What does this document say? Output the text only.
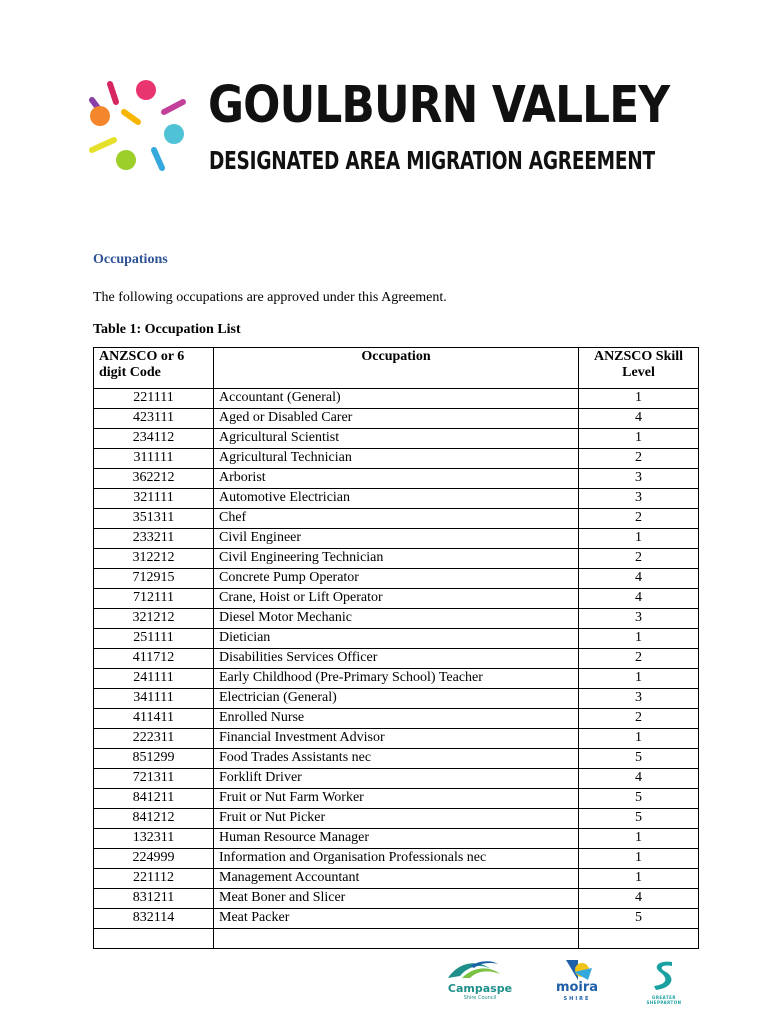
GOULBURN VALLEY
DESIGNATED AREA MIGRATION AGREEMENT
Occupations
The following occupations are approved under this Agreement.
Table 1: Occupation List
ANZSCO or 6 digit Code	Occupation	ANZSCO Skill Level
221111	Accountant (General)	1
423111	Aged or Disabled Carer	4
234112	Agricultural Scientist	1
311111	Agricultural Technician	2
362212	Arborist	3
321111	Automotive Electrician	3
351311	Chef	2
233211	Civil Engineer	1
312212	Civil Engineering Technician	2
712915	Concrete Pump Operator	4
712111	Crane, Hoist or Lift Operator	4
321212	Diesel Motor Mechanic	3
251111	Dietician	1
411712	Disabilities Services Officer	2
241111	Early Childhood (Pre-Primary School) Teacher	1
341111	Electrician (General)	3
411411	Enrolled Nurse	2
222311	Financial Investment Advisor	1
851299	Food Trades Assistants nec	5
721311	Forklift Driver	4
841211	Fruit or Nut Farm Worker	5
841212	Fruit or Nut Picker	5
132311	Human Resource Manager	1
224999	Information and Organisation Professionals nec	1
221112	Management Accountant	1
831211	Meat Boner and Slicer	4
832114	Meat Packer	5

Campaspe
Shire Council
moira
SHIRE	GREATER SHEPPARTON
